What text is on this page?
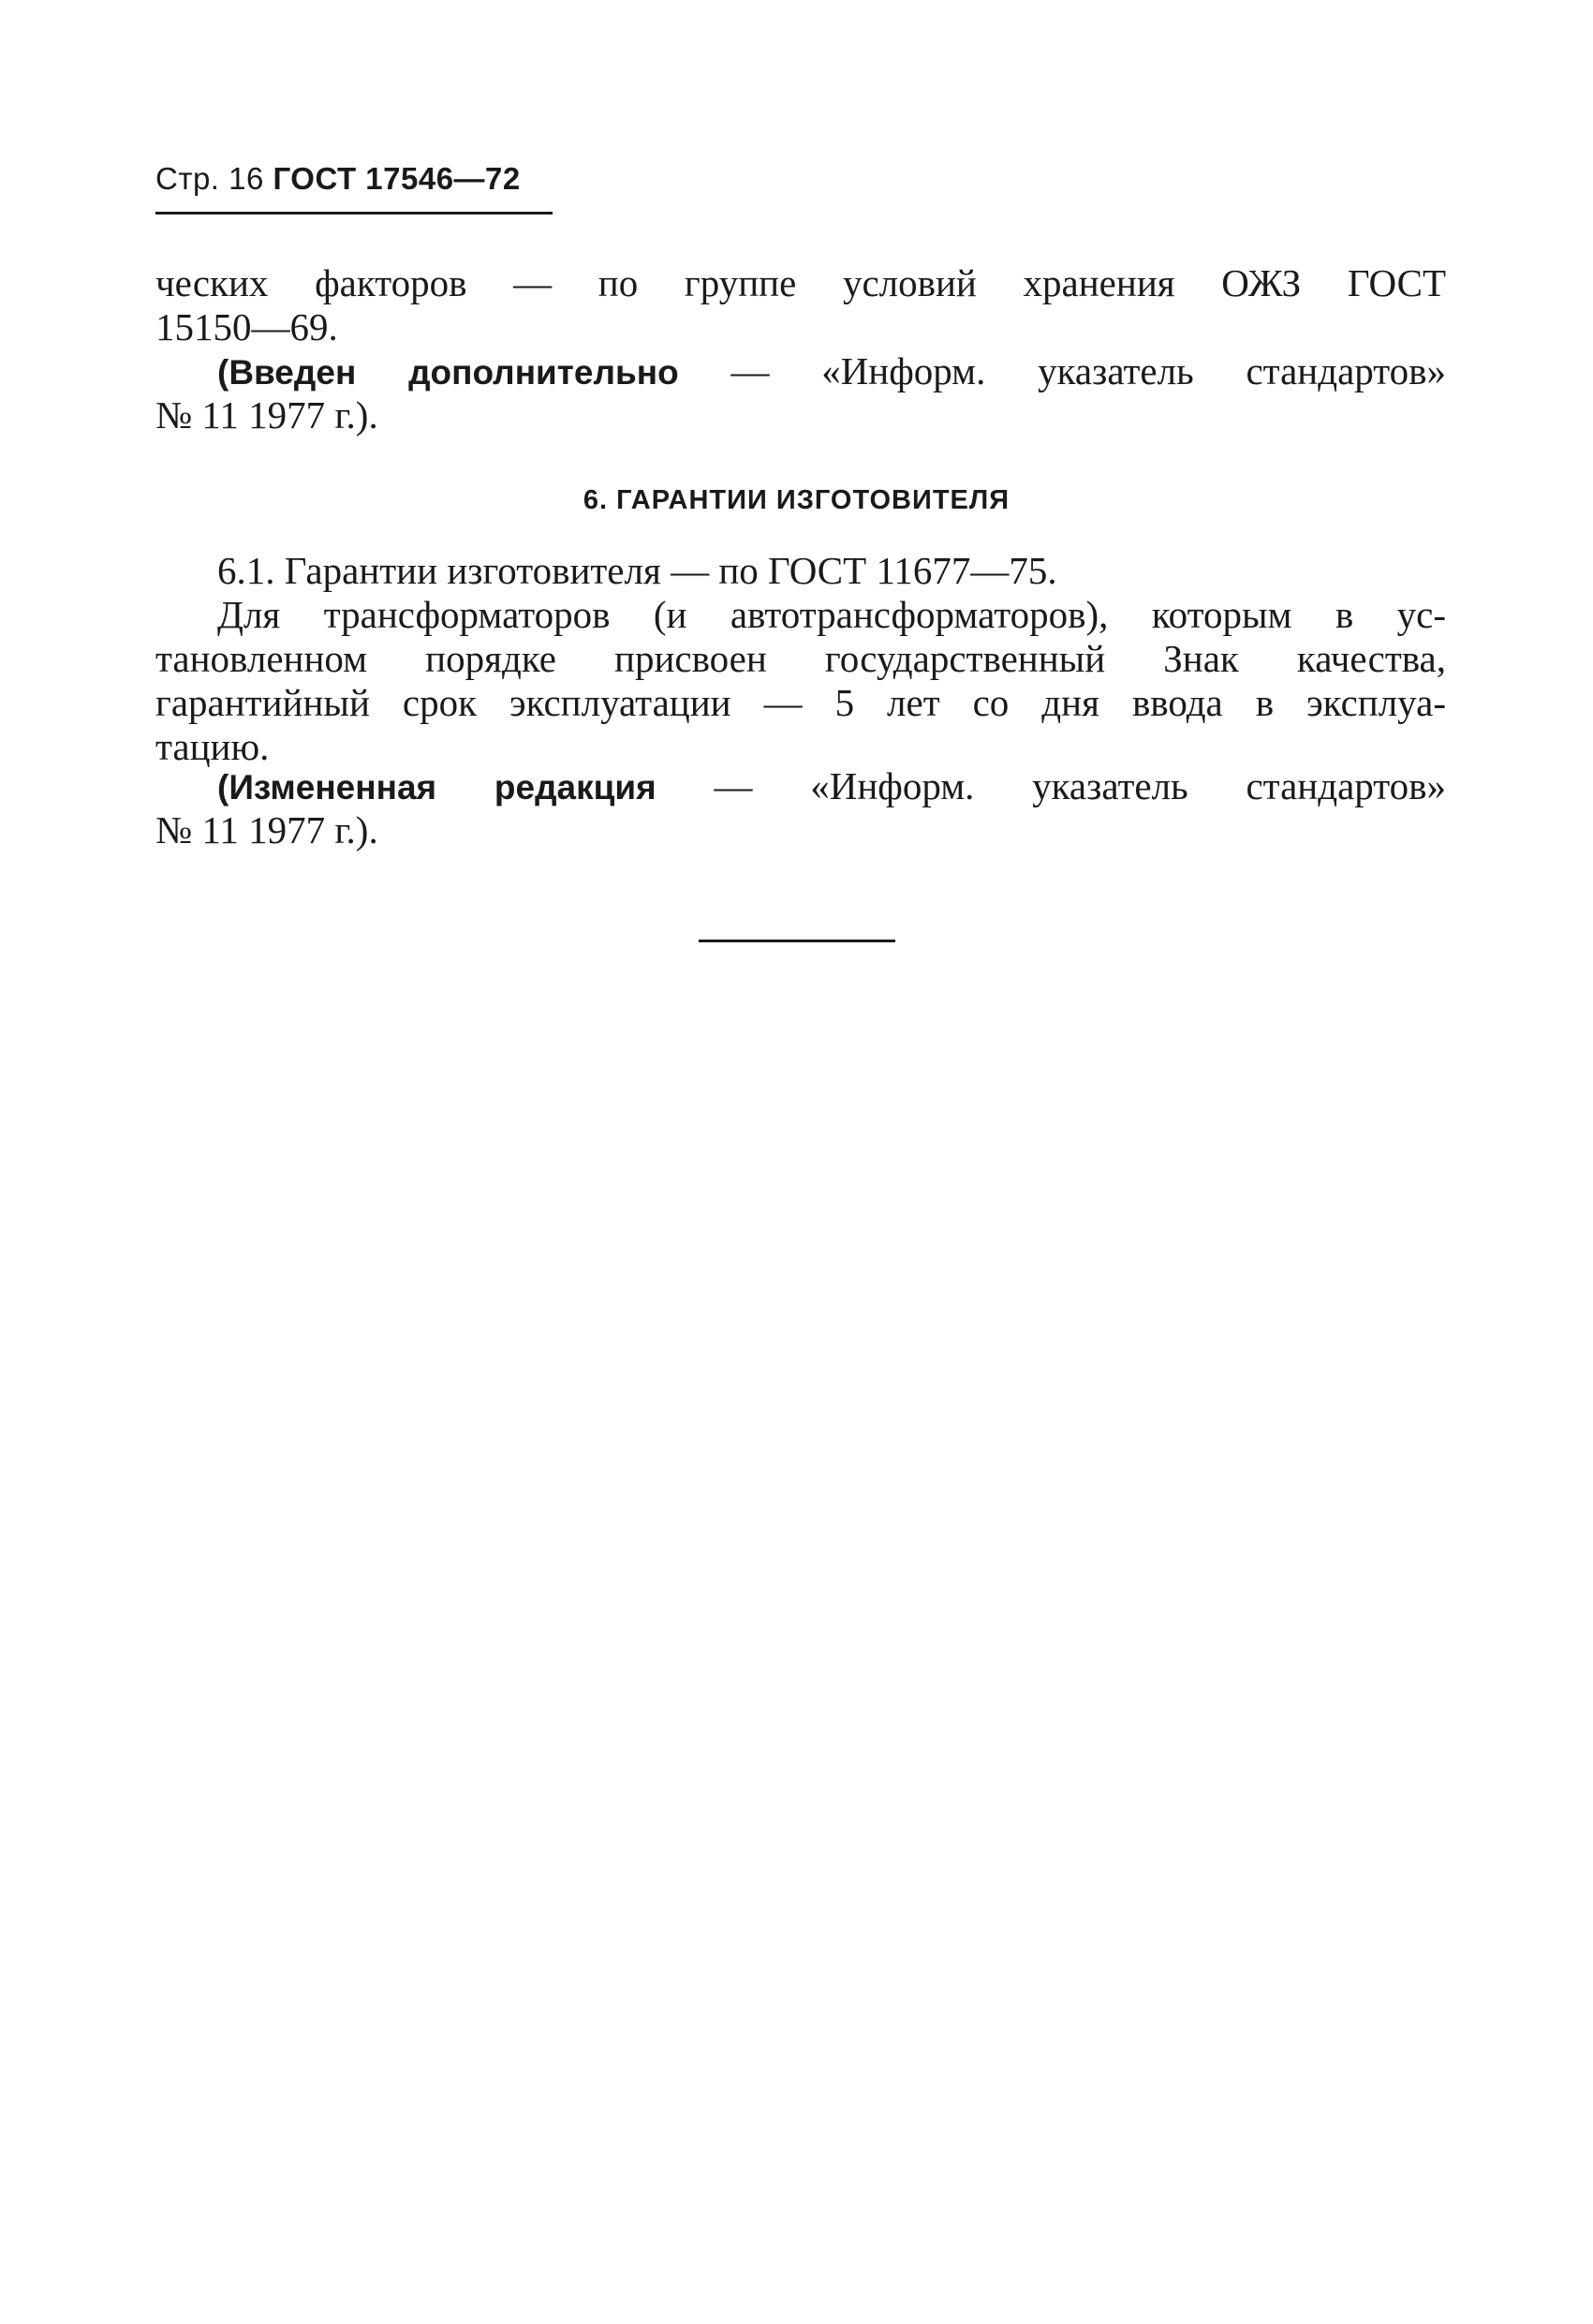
Стр. 16 ГОСТ 17546—72
ческих факторов — по группе условий хранения ОЖЗ ГОСТ
15150—69.
(Введен дополнительно — «Информ. указатель стандартов»
№ 11 1977 г.).
6. ГАРАНТИИ ИЗГОТОВИТЕЛЯ
6.1. Гарантии изготовителя — по ГОСТ 11677—75.
Для трансформаторов (и автотрансформаторов), которым в ус-
тановленном порядке присвоен государственный Знак качества,
гарантийный срок эксплуатации — 5 лет со дня ввода в эксплуа-
тацию.
(Измененная редакция — «Информ. указатель стандартов»
№ 11 1977 г.).
